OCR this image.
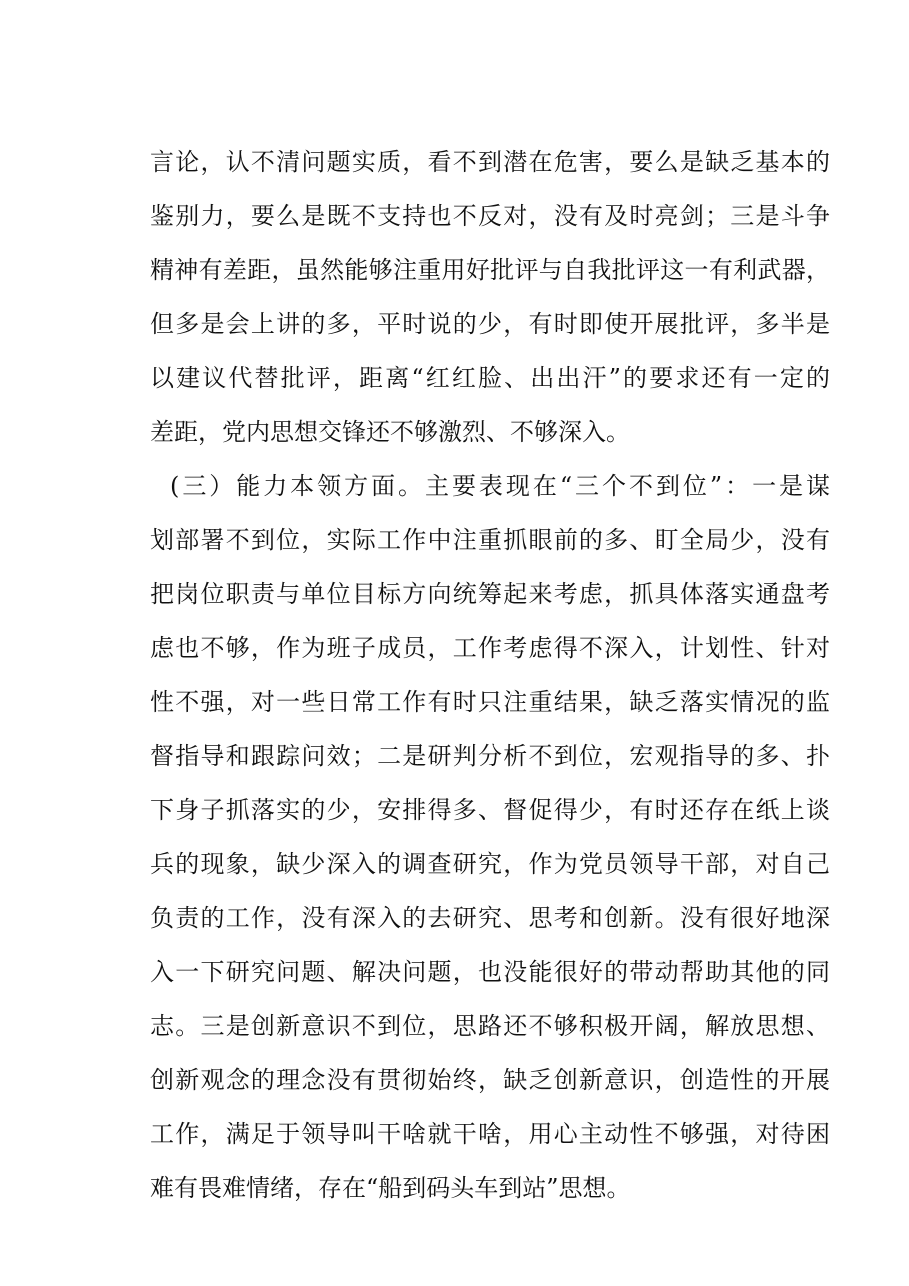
言论，认不清问题实质，看不到潜在危害，要么是缺乏基本的
鉴别力，要么是既不支持也不反对，没有及时亮剑；三是斗争
精神有差距，虽然能够注重用好批评与自我批评这一有利武器，
但多是会上讲的多，平时说的少，有时即使开展批评，多半是
以建议代替批评，距离“红红脸、出出汗”的要求还有一定的
差距，党内思想交锋还不够激烈、不够深入。
(三）能力本领方面。主要表现在“三个不到位”：一是谋
划部署不到位，实际工作中注重抓眼前的多、盯全局少，没有
把岗位职责与单位目标方向统筹起来考虑，抓具体落实通盘考
虑也不够，作为班子成员，工作考虑得不深入，计划性、针对
性不强，对一些日常工作有时只注重结果，缺乏落实情况的监
督指导和跟踪问效；二是研判分析不到位，宏观指导的多、扑
下身子抓落实的少，安排得多、督促得少，有时还存在纸上谈
兵的现象，缺少深入的调查研究，作为党员领导干部，对自己
负责的工作，没有深入的去研究、思考和创新。没有很好地深
入一下研究问题、解决问题，也没能很好的带动帮助其他的同
志。三是创新意识不到位，思路还不够积极开阔，解放思想、
创新观念的理念没有贯彻始终，缺乏创新意识，创造性的开展
工作，满足于领导叫干啥就干啥，用心主动性不够强，对待困
难有畏难情绪，存在“船到码头车到站”思想。
